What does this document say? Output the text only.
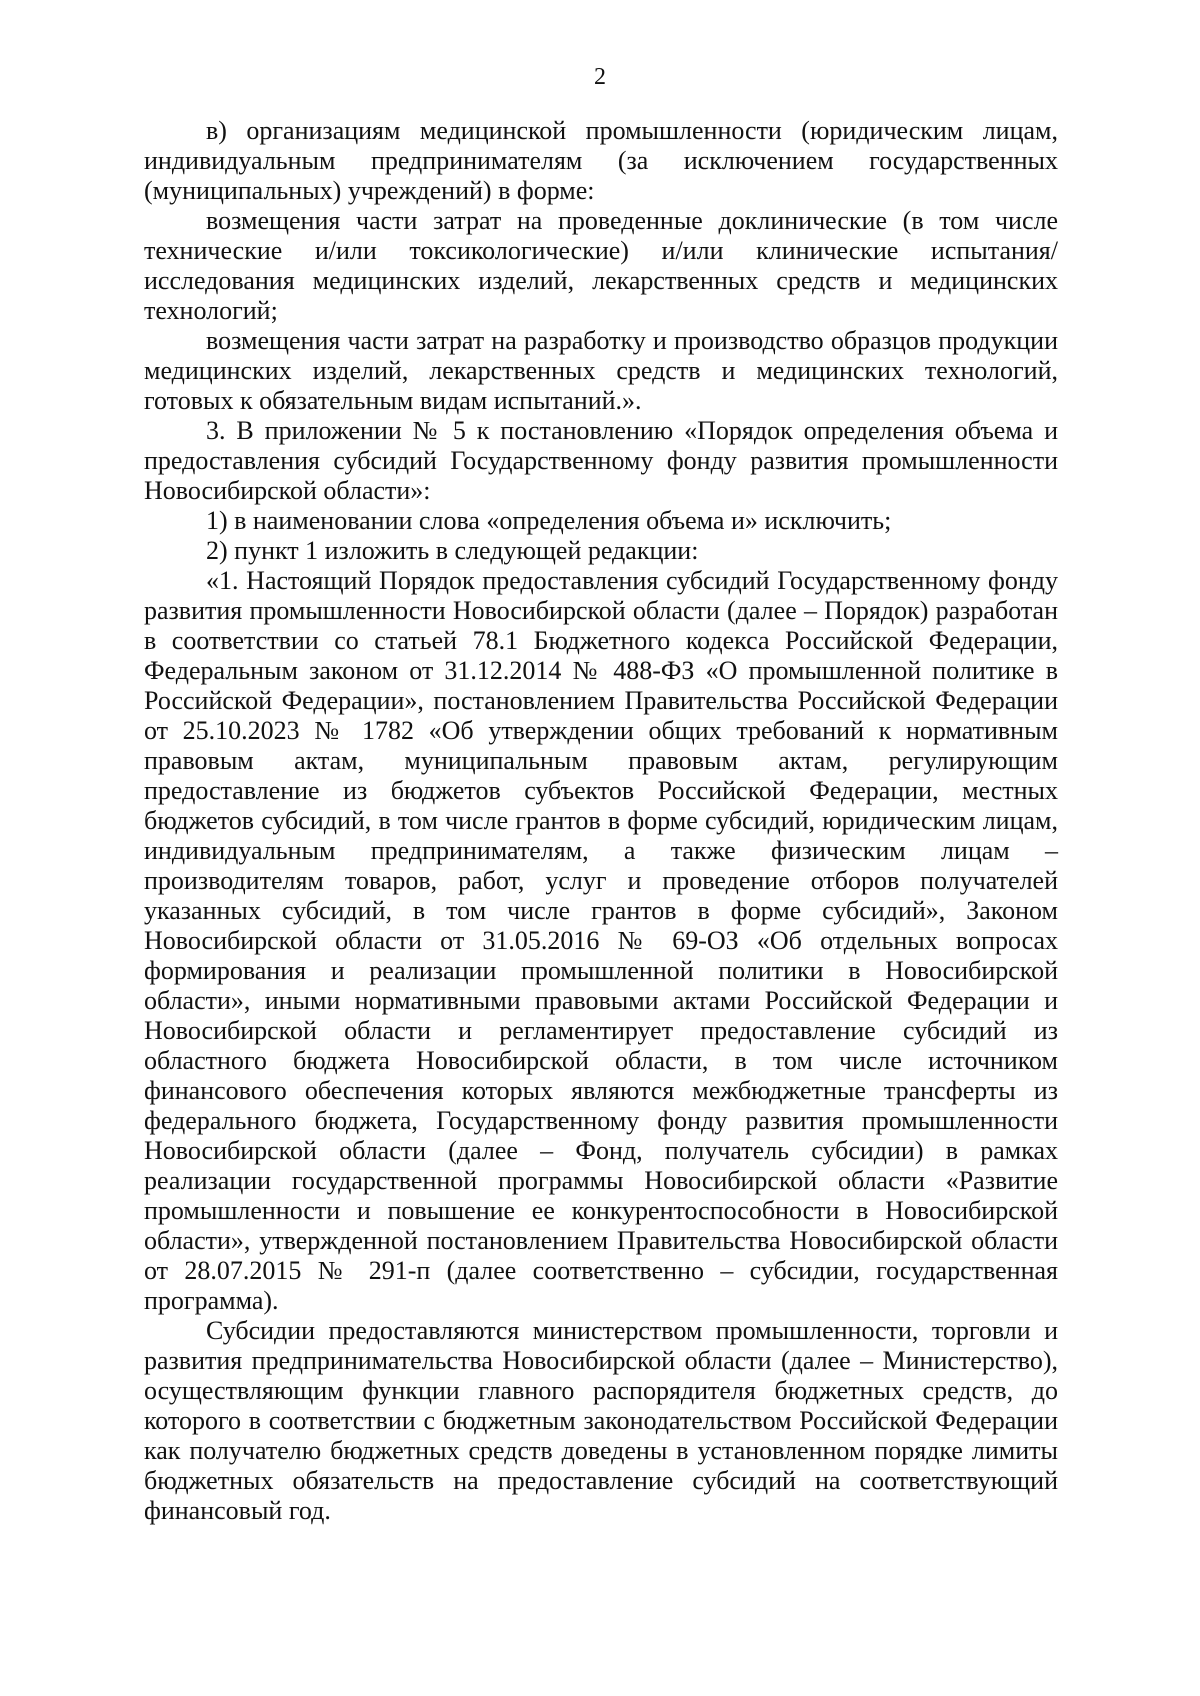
2

в) организациям медицинской промышленности (юридическим лицам, индивидуальным предпринимателям (за исключением государственных (муниципальных) учреждений) в форме:

возмещения части затрат на проведенные доклинические (в том числе технические и/или токсикологические) и/или клинические испытания/исследования медицинских изделий, лекарственных средств и медицинских технологий;

возмещения части затрат на разработку и производство образцов продукции медицинских изделий, лекарственных средств и медицинских технологий, готовых к обязательным видам испытаний.».

3. В приложении № 5 к постановлению «Порядок определения объема и предоставления субсидий Государственному фонду развития промышленности Новосибирской области»:

1) в наименовании слова «определения объема и» исключить;

2) пункт 1 изложить в следующей редакции:

«1. Настоящий Порядок предоставления субсидий Государственному фонду развития промышленности Новосибирской области (далее – Порядок) разработан в соответствии со статьей 78.1 Бюджетного кодекса Российской Федерации, Федеральным законом от 31.12.2014 № 488-ФЗ «О промышленной политике в Российской Федерации», постановлением Правительства Российской Федерации от 25.10.2023 № 1782 «Об утверждении общих требований к нормативным правовым актам, муниципальным правовым актам, регулирующим предоставление из бюджетов субъектов Российской Федерации, местных бюджетов субсидий, в том числе грантов в форме субсидий, юридическим лицам, индивидуальным предпринимателям, а также физическим лицам – производителям товаров, работ, услуг и проведение отборов получателей указанных субсидий, в том числе грантов в форме субсидий», Законом Новосибирской области от 31.05.2016 № 69-ОЗ «Об отдельных вопросах формирования и реализации промышленной политики в Новосибирской области», иными нормативными правовыми актами Российской Федерации и Новосибирской области и регламентирует предоставление субсидий из областного бюджета Новосибирской области, в том числе источником финансового обеспечения которых являются межбюджетные трансферты из федерального бюджета, Государственному фонду развития промышленности Новосибирской области (далее – Фонд, получатель субсидии) в рамках реализации государственной программы Новосибирской области «Развитие промышленности и повышение ее конкурентоспособности в Новосибирской области», утвержденной постановлением Правительства Новосибирской области от 28.07.2015 № 291-п (далее соответственно – субсидии, государственная программа).

Субсидии предоставляются министерством промышленности, торговли и развития предпринимательства Новосибирской области (далее – Министерство), осуществляющим функции главного распорядителя бюджетных средств, до которого в соответствии с бюджетным законодательством Российской Федерации как получателю бюджетных средств доведены в установленном порядке лимиты бюджетных обязательств на предоставление субсидий на соответствующий финансовый год.
